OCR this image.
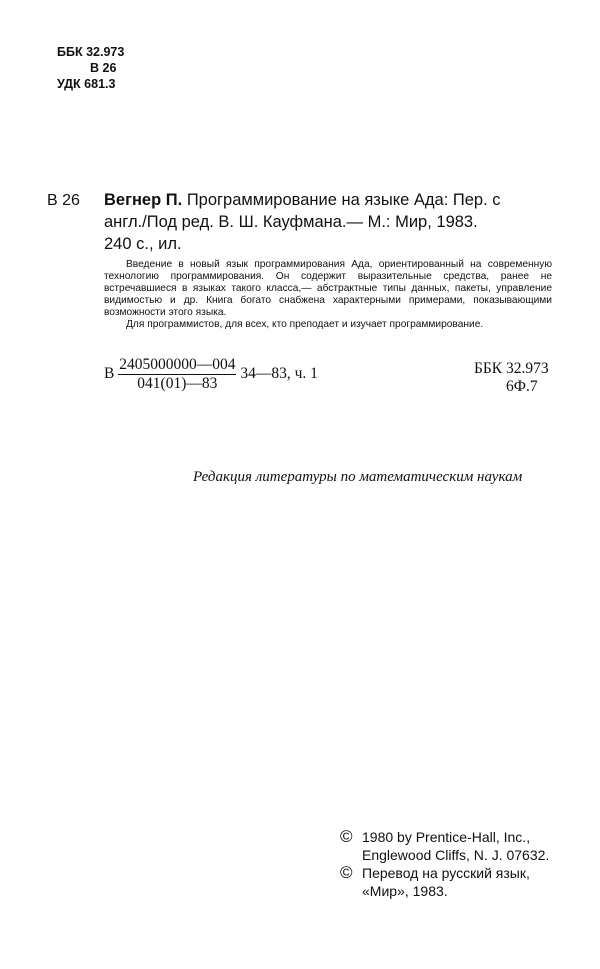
ББК 32.973
В 26
УДК 681.3
В 26 Вегнер П. Программирование на языке Ада: Пер. с
англ./Под ред. В. Ш. Кауфмана.— М.: Мир, 1983.
240 с., ил.

Введение в новый язык программирования Ада, ориентированный на современную технологию программирования. Он содержит выразительные средства, ранее не встречавшиеся в языках такого класса,— абстрактные типы данных, пакеты, управление видимостью и др. Книга богато снабжена характерными примерами, показывающими возможности этого языка.

Для программистов, для всех, кто преподает и изучает программирование.

В $\frac{2405000000—004}{041(01)—83}$ 34—83, ч. 1	ББК 32.973
6Ф.7
Редакция литературы по математическим наукам
© 1980 by Prentice-Hall, Inc.,
Englewood Cliffs, N. J. 07632.
© Перевод на русский язык,
«Мир», 1983.
